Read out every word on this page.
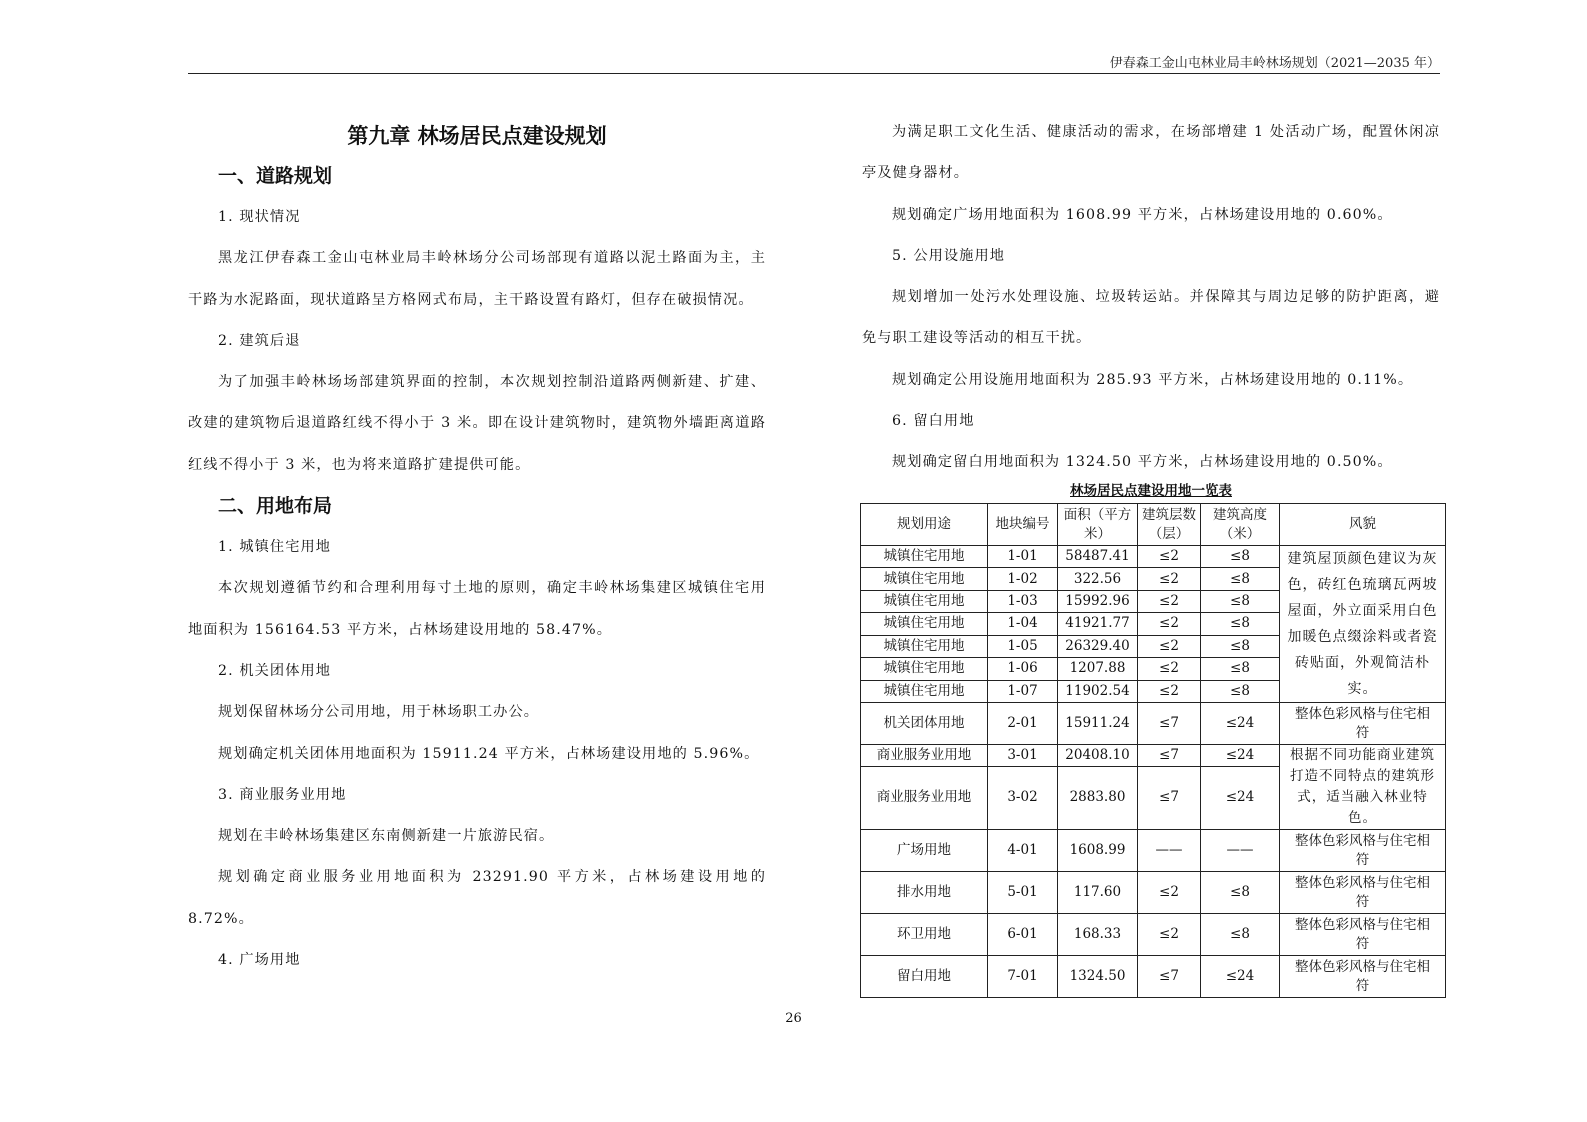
伊春森工金山屯林业局丰岭林场规划（2021—2035 年）
第九章 林场居民点建设规划
一、道路规划

1. 现状情况

黑龙江伊春森工金山屯林业局丰岭林场分公司场部现有道路以泥土路面为主，主干路为水泥路面，现状道路呈方格网式布局，主干路设置有路灯，但存在破损情况。

2. 建筑后退

为了加强丰岭林场场部建筑界面的控制，本次规划控制沿道路两侧新建、扩建、改建的建筑物后退道路红线不得小于 3 米。即在设计建筑物时，建筑物外墙距离道路红线不得小于 3 米，也为将来道路扩建提供可能。

二、用地布局

1. 城镇住宅用地

本次规划遵循节约和合理利用每寸土地的原则，确定丰岭林场集建区城镇住宅用地面积为 156164.53 平方米，占林场建设用地的 58.47%。

2. 机关团体用地

规划保留林场分公司用地，用于林场职工办公。

规划确定机关团体用地面积为 15911.24 平方米，占林场建设用地的 5.96%。

3. 商业服务业用地

规划在丰岭林场集建区东南侧新建一片旅游民宿。

规划确定商业服务业用地面积为 23291.90 平方米，占林场建设用地的 8.72%。

4. 广场用地

为满足职工文化生活、健康活动的需求，在场部增建 1 处活动广场，配置休闲凉亭及健身器材。

规划确定广场用地面积为 1608.99 平方米，占林场建设用地的 0.60%。

5. 公用设施用地

规划增加一处污水处理设施、垃圾转运站。并保障其与周边足够的防护距离，避免与职工建设等活动的相互干扰。

规划确定公用设施用地面积为 285.93 平方米，占林场建设用地的 0.11%。

6. 留白用地

规划确定留白用地面积为 1324.50 平方米，占林场建设用地的 0.50%。

林场居民点建设用地一览表
规划用途	地块编号	面积（平方米）	建筑层数（层）	建筑高度（米）	风貌
城镇住宅用地	1-01	58487.41	≤2	≤8	建筑屋顶颜色建议为灰色，砖红色琉璃瓦两坡屋面，外立面采用白色加暖色点缀涂料或者瓷砖贴面，外观简洁朴实。
城镇住宅用地	1-02	322.56	≤2	≤8	
城镇住宅用地	1-03	15992.96	≤2	≤8	
城镇住宅用地	1-04	41921.77	≤2	≤8	
城镇住宅用地	1-05	26329.40	≤2	≤8	
城镇住宅用地	1-06	1207.88	≤2	≤8	
城镇住宅用地	1-07	11902.54	≤2	≤8	
机关团体用地	2-01	15911.24	≤7	≤24	整体色彩风格与住宅相符
商业服务业用地	3-01	20408.10	≤7	≤24	根据不同功能商业建筑打造不同特点的建筑形式，适当融入林业特色。
商业服务业用地	3-02	2883.80	≤7	≤24	
广场用地	4-01	1608.99	——	——	整体色彩风格与住宅相符
排水用地	5-01	117.60	≤2	≤8	整体色彩风格与住宅相符
环卫用地	6-01	168.33	≤2	≤8	整体色彩风格与住宅相符
留白用地	7-01	1324.50	≤7	≤24	整体色彩风格与住宅相符
26
